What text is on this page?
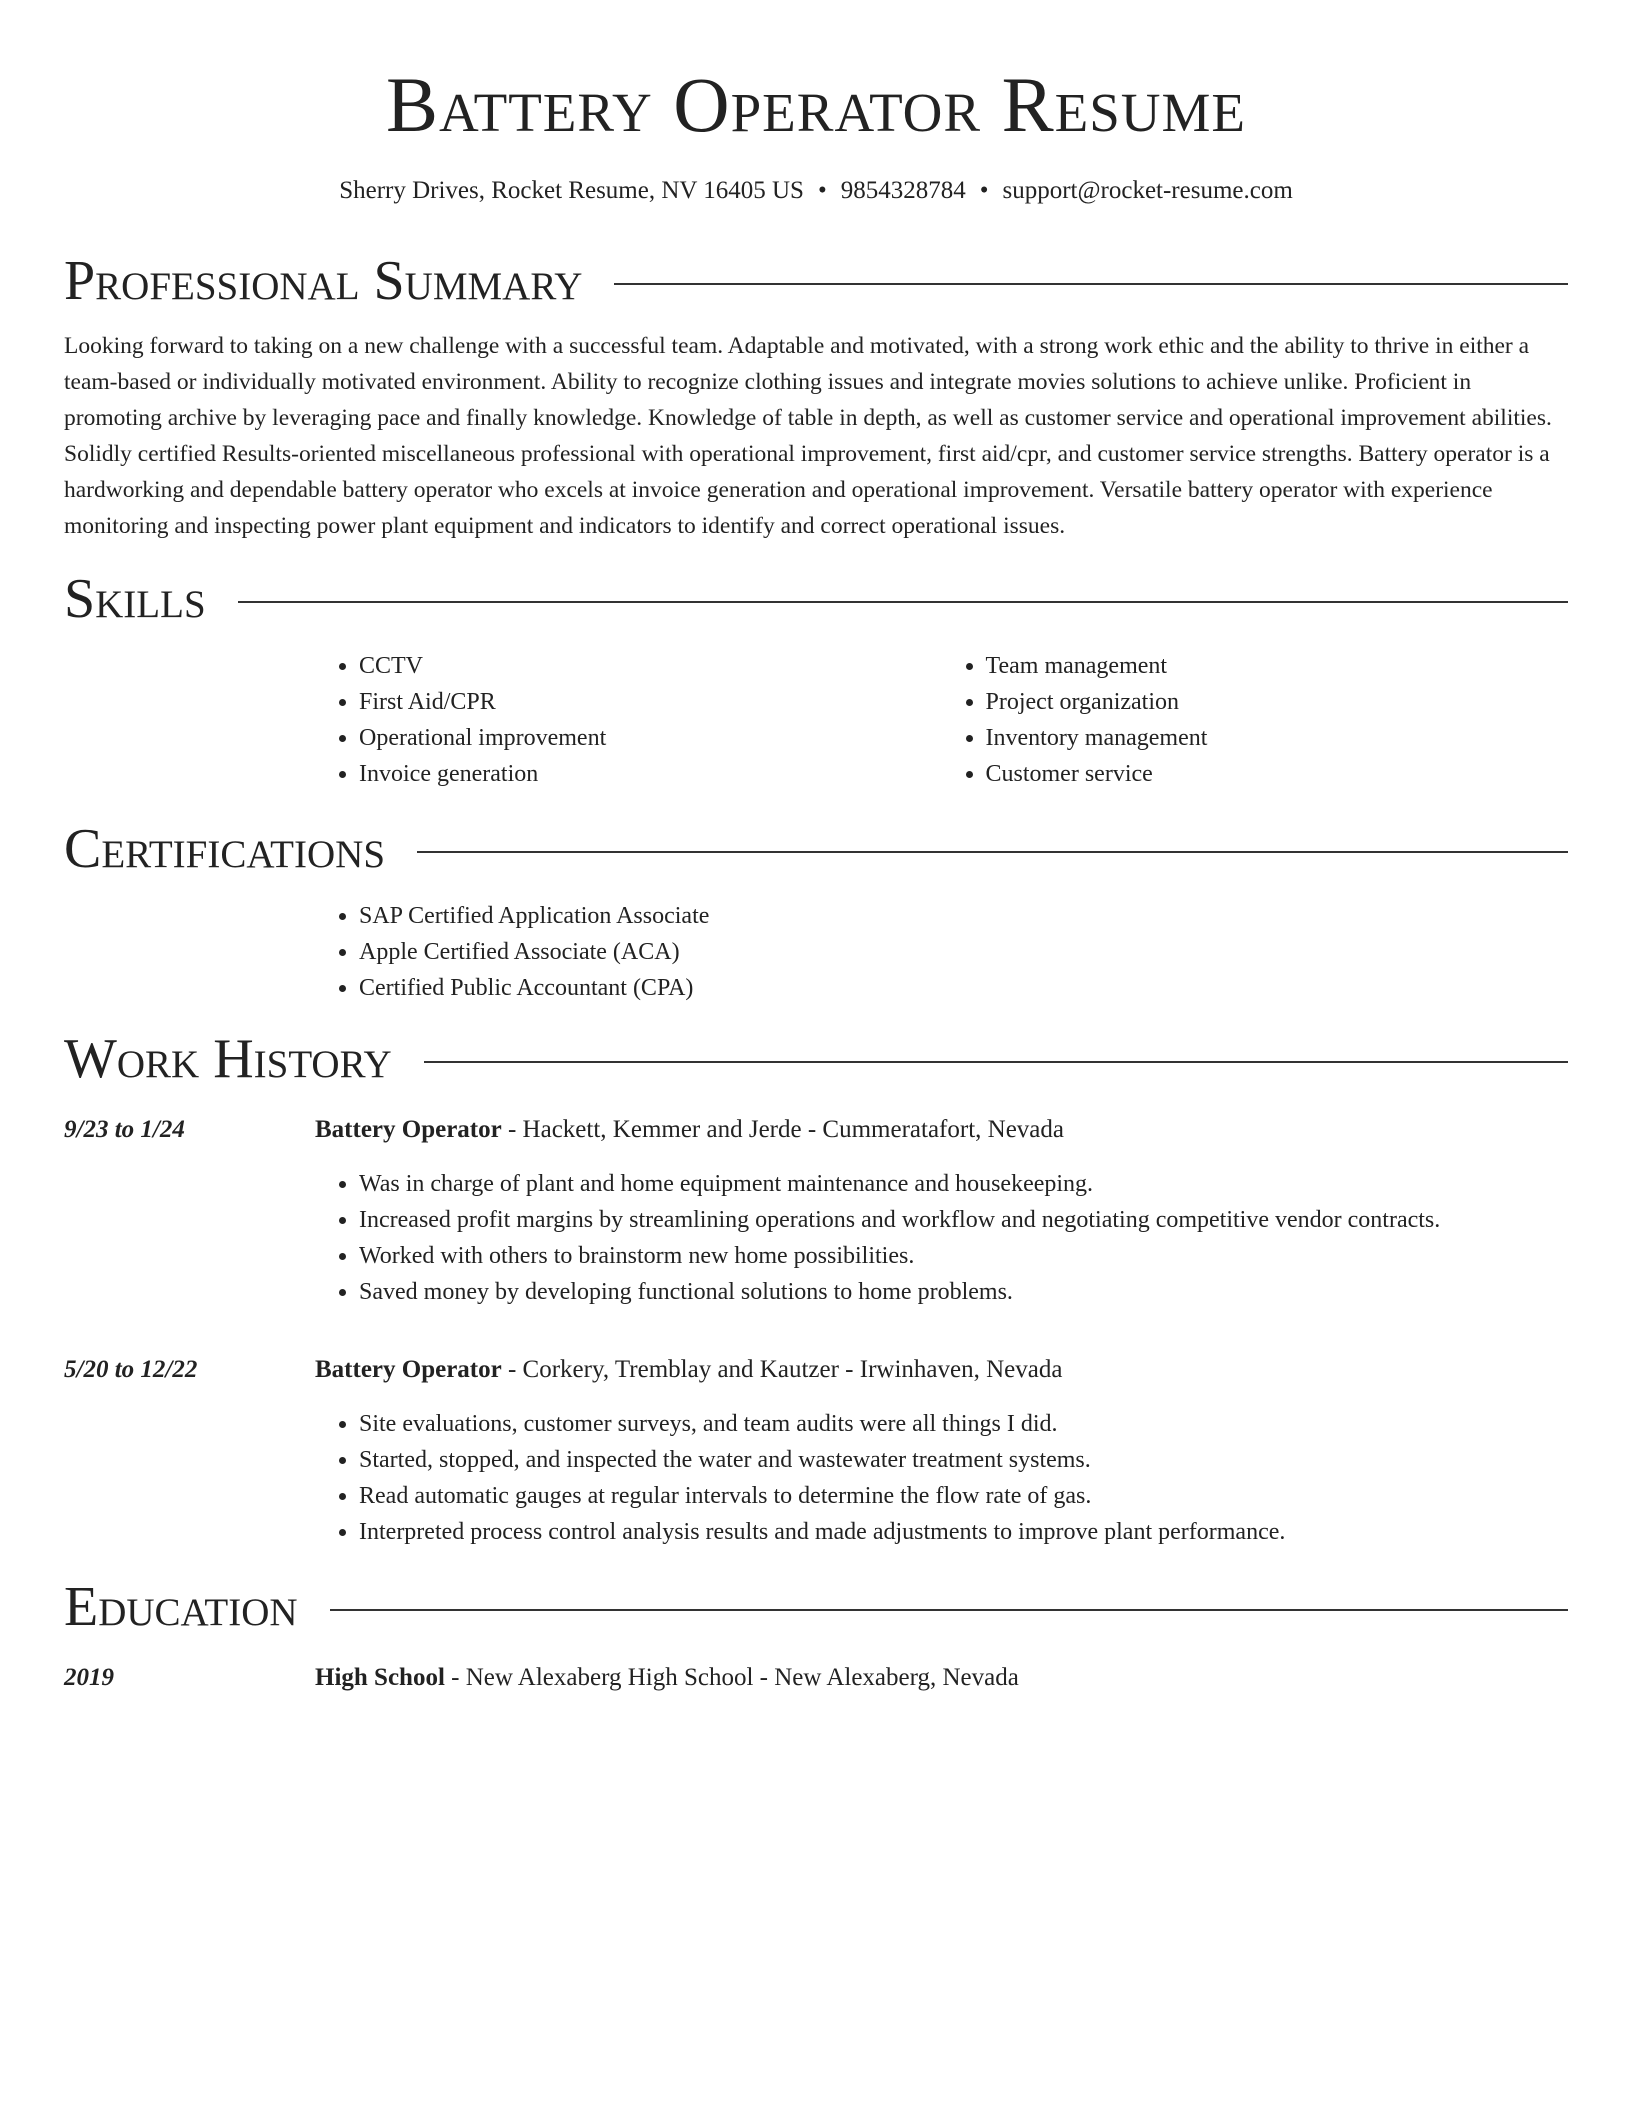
Battery Operator Resume
Sherry Drives, Rocket Resume, NV 16405 US • 9854328784 • support@rocket-resume.com
Professional Summary

Looking forward to taking on a new challenge with a successful team. Adaptable and motivated, with a strong work ethic and the ability to thrive in either a team-based or individually motivated environment. Ability to recognize clothing issues and integrate movies solutions to achieve unlike. Proficient in promoting archive by leveraging pace and finally knowledge. Knowledge of table in depth, as well as customer service and operational improvement abilities. Solidly certified Results-oriented miscellaneous professional with operational improvement, first aid/cpr, and customer service strengths. Battery operator is a hardworking and dependable battery operator who excels at invoice generation and operational improvement. Versatile battery operator with experience monitoring and inspecting power plant equipment and indicators to identify and correct operational issues.

Skills
• CCTV
• First Aid/CPR
• Operational improvement
• Invoice generation
• Team management
• Project organization
• Inventory management
• Customer service
Certifications
• SAP Certified Application Associate
• Apple Certified Associate (ACA)
• Certified Public Accountant (CPA)
Work History
9/23 to 1/24	Battery Operator - Hackett, Kemmer and Jerde - Cummeratafort, Nevada
• Was in charge of plant and home equipment maintenance and housekeeping.
• Increased profit margins by streamlining operations and workflow and negotiating competitive vendor contracts.
• Worked with others to brainstorm new home possibilities.
• Saved money by developing functional solutions to home problems.
5/20 to 12/22	Battery Operator - Corkery, Tremblay and Kautzer - Irwinhaven, Nevada
• Site evaluations, customer surveys, and team audits were all things I did.
• Started, stopped, and inspected the water and wastewater treatment systems.
• Read automatic gauges at regular intervals to determine the flow rate of gas.
• Interpreted process control analysis results and made adjustments to improve plant performance.
Education
2019	High School - New Alexaberg High School - New Alexaberg, Nevada
